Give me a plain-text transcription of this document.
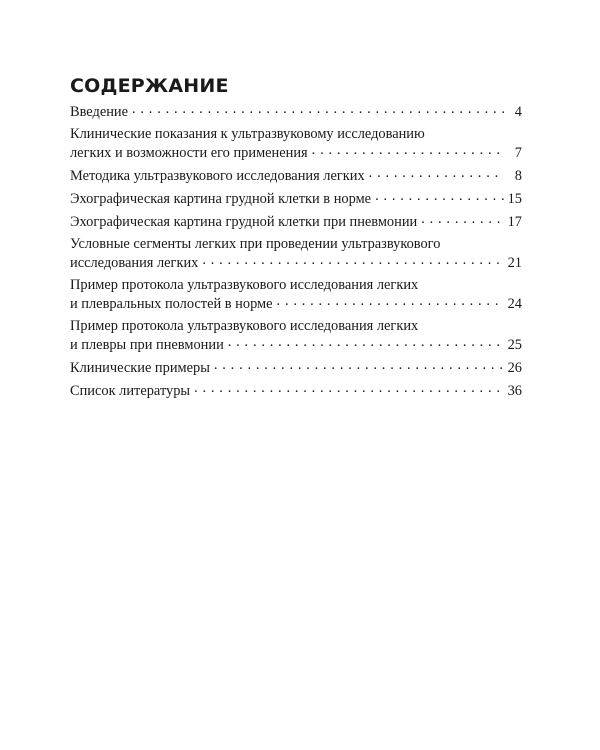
СОДЕРЖАНИЕ
Введение . . .	4
Клинические показания к ультразвуковому исследованию
легких и возможности его применения . . .	7
Методика ультразвукового исследования легких . . .	8
Эхографическая картина грудной клетки в норме . . .	15
Эхографическая картина грудной клетки при пневмонии . . .	17
Условные сегменты легких при проведении ультразвукового
исследования легких . . .	21
Пример протокола ультразвукового исследования легких
и плевральных полостей в норме . . .	24
Пример протокола ультразвукового исследования легких
и плевры при пневмонии . . .	25
Клинические примеры . . .	26
Список литературы . . .	36
